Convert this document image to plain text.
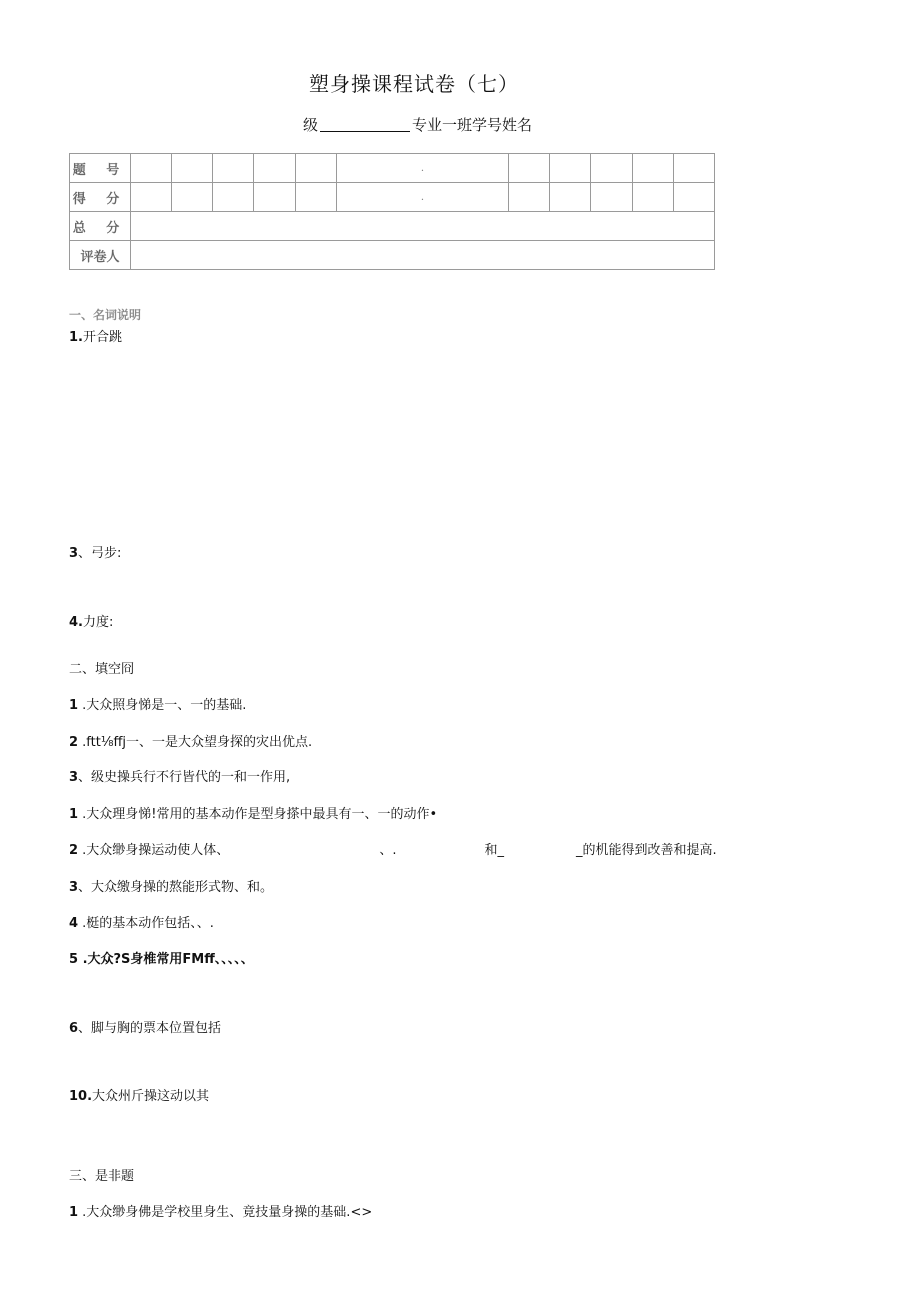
塑身操课程试卷（七）
级	专业一班学号姓名
题 号						.					
得 分						.					
总 分											
评卷人											
一、名词说明
1.开合跳
3、弓步:
4.力度:
二、填空冏
1 .大众照身悌是一、一的基础.
2 .ftt⅛ffj一、一是大众望身探的灾出优点.
3、级史操兵行不行皆代的一和一作用,
1 .大众理身悌!常用的基本动作是型身搽中最具有一、一的动作•
2 .大众缈身操运动使人体、	、.	和_	_的机能得到改善和提高.
3、大众缴身操的熬能形式物、和。
4 .梃的基本动作包括、、.
5 .大众?S身椎常用FMff、、、、、
6、脚与胸的票本位置包括
10.大众州斤操这动以其
三、是非题
1 .大众缈身佛是学校里身生、竟技量身操的基础.<>
